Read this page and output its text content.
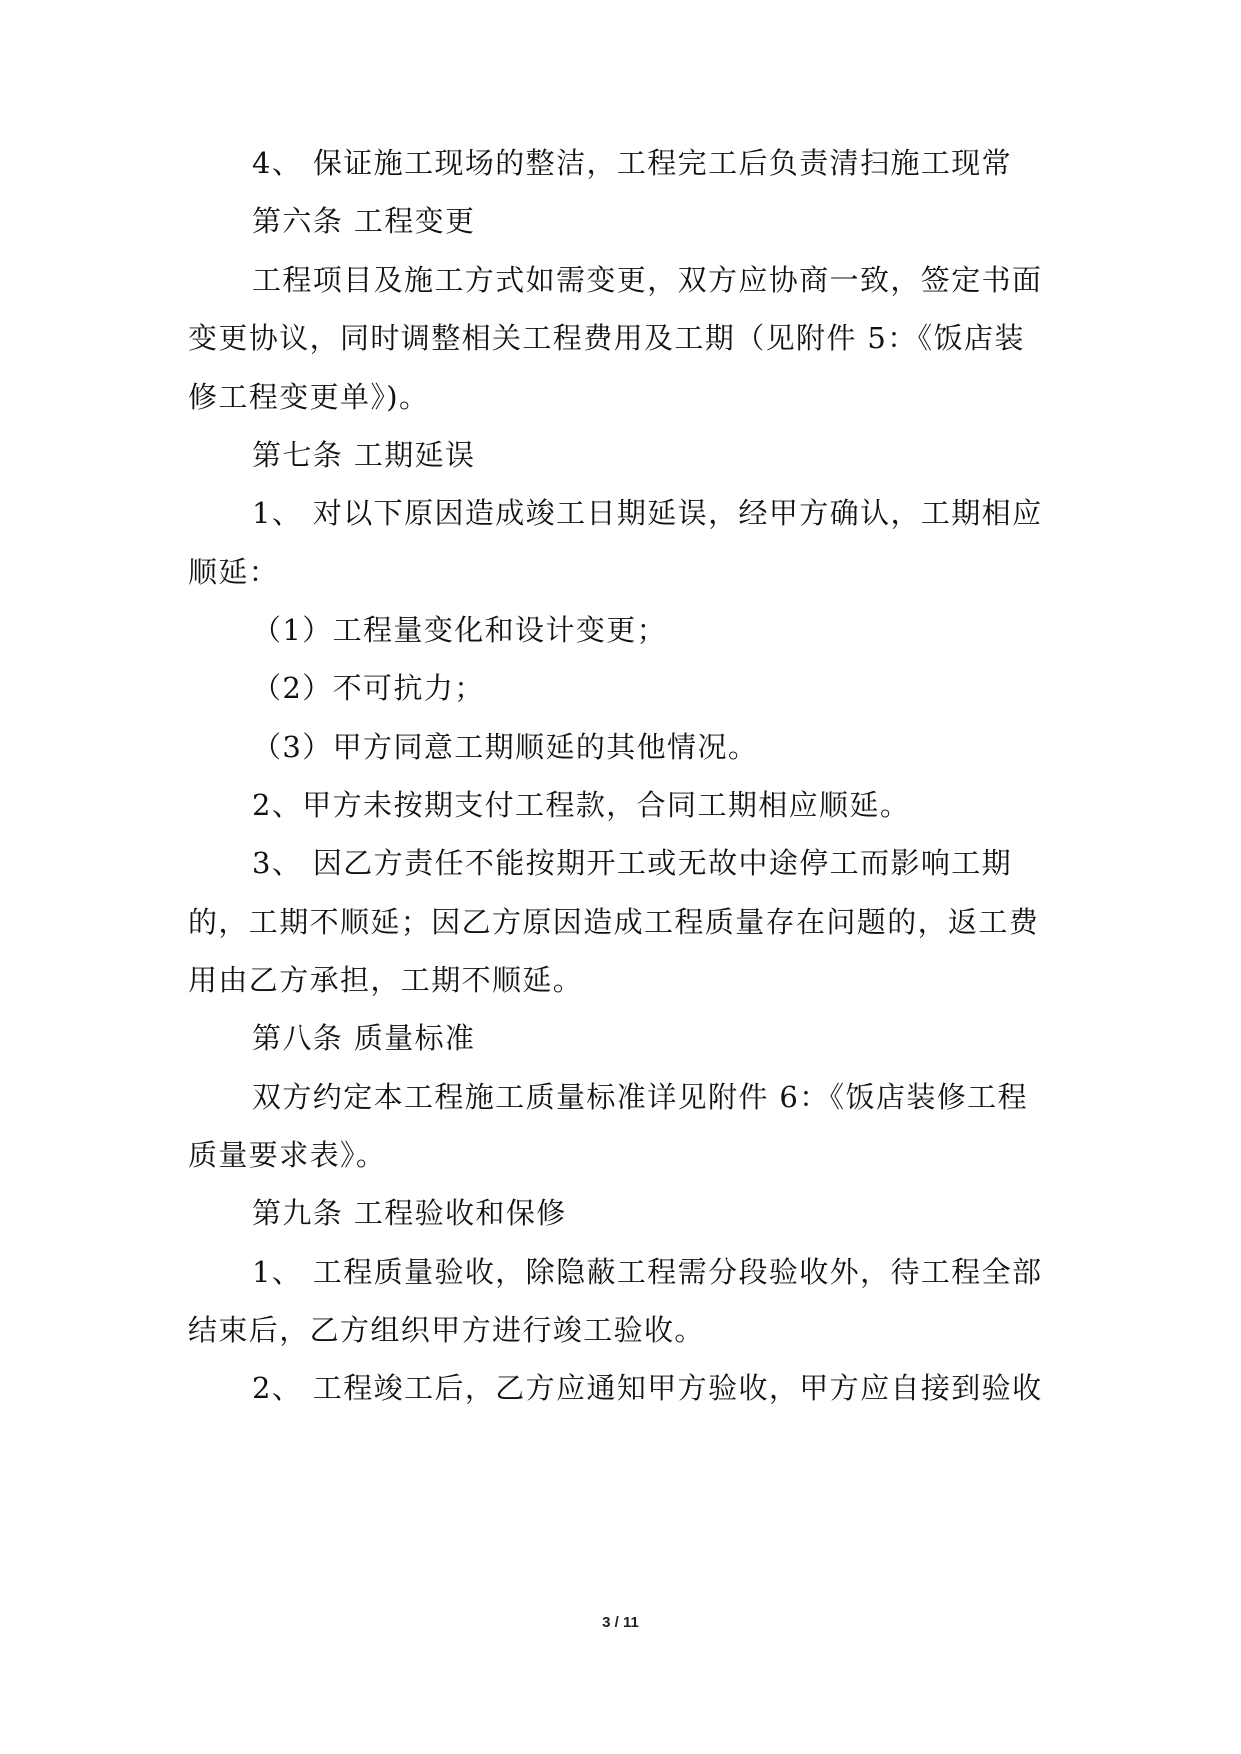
4、 保证施工现场的整洁，工程完工后负责清扫施工现常
第六条 工程变更
工程项目及施工方式如需变更，双方应协商一致，签定书面
变更协议，同时调整相关工程费用及工期（见附件 5：《饭店装
修工程变更单》)。
第七条 工期延误
1、 对以下原因造成竣工日期延误，经甲方确认，工期相应
顺延：
（1）工程量变化和设计变更；
（2）不可抗力；
（3）甲方同意工期顺延的其他情况。
2、甲方未按期支付工程款，合同工期相应顺延。
3、 因乙方责任不能按期开工或无故中途停工而影响工期
的，工期不顺延；因乙方原因造成工程质量存在问题的，返工费
用由乙方承担，工期不顺延。
第八条 质量标准
双方约定本工程施工质量标准详见附件 6：《饭店装修工程
质量要求表》。
第九条 工程验收和保修
1、 工程质量验收，除隐蔽工程需分段验收外，待工程全部
结束后，乙方组织甲方进行竣工验收。
2、 工程竣工后，乙方应通知甲方验收，甲方应自接到验收
3 / 11
